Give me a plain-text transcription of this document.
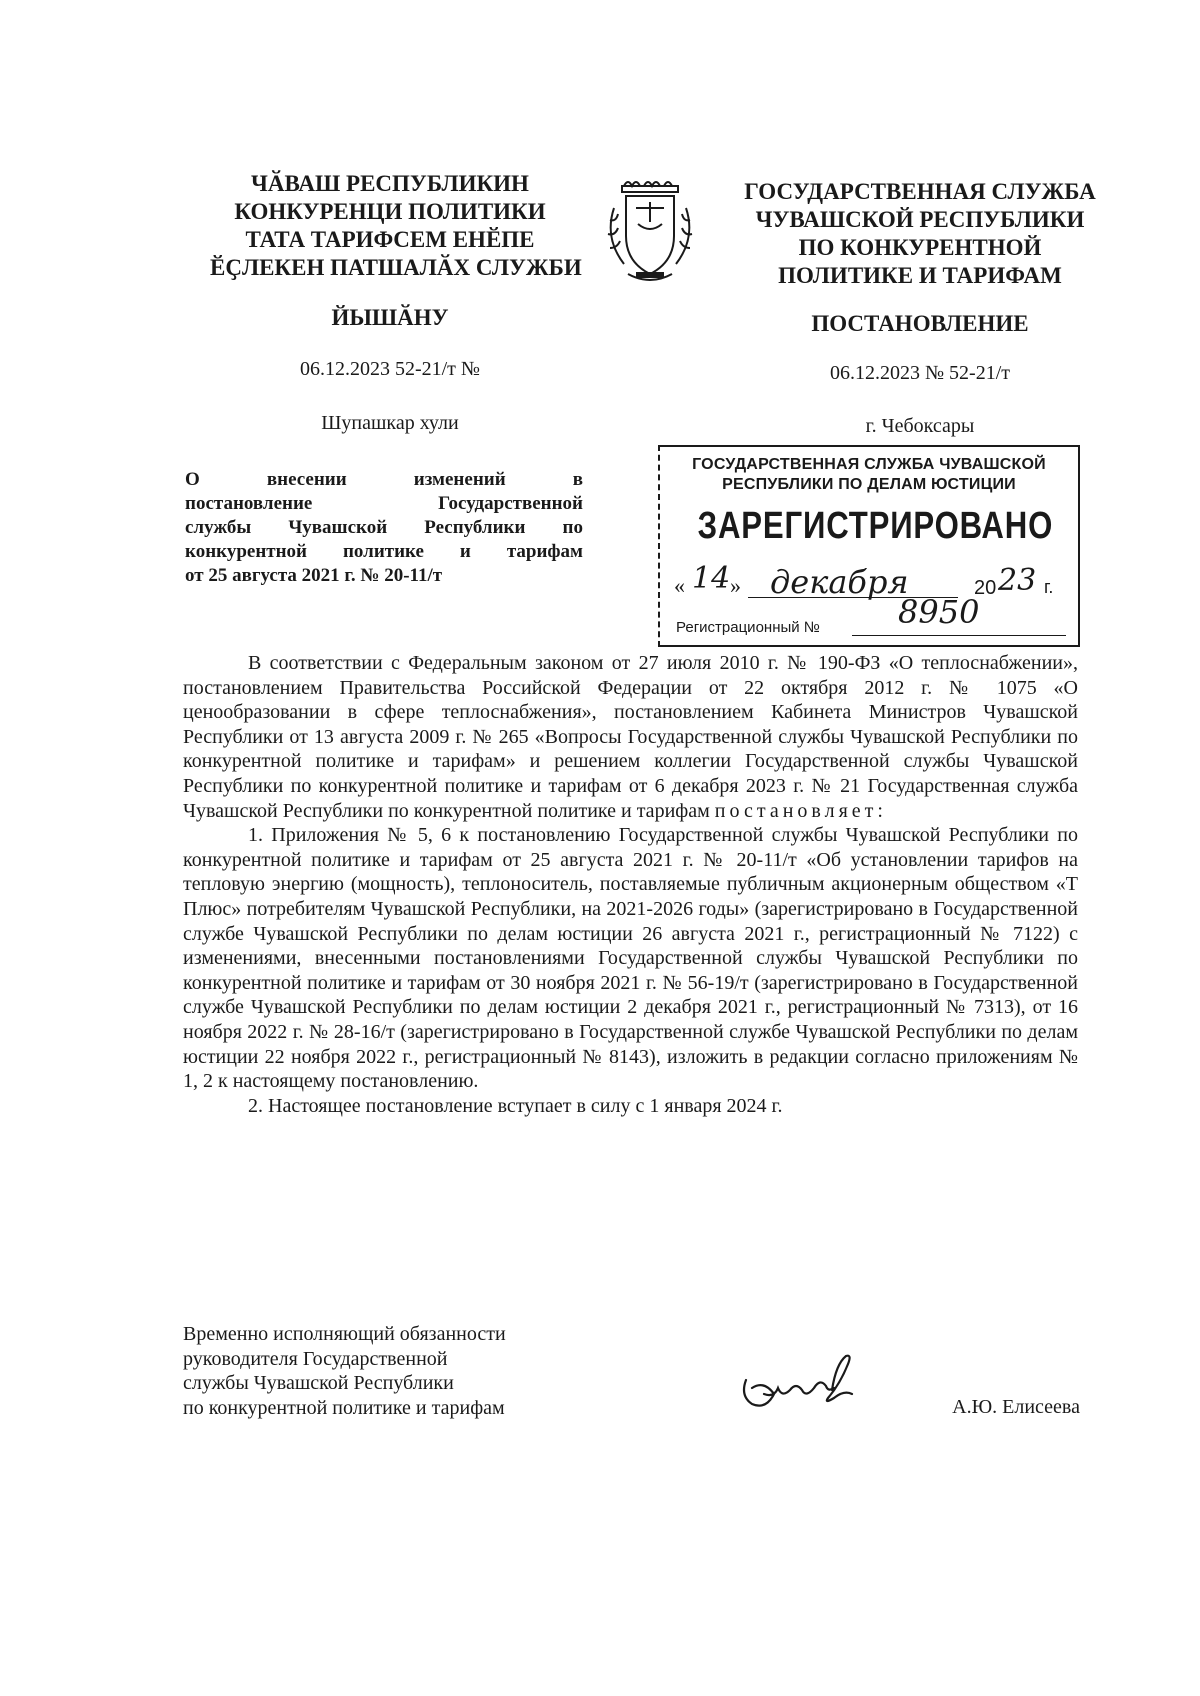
ЧӐВАШ РЕСПУБЛИКИН
КОНКУРЕНЦИ ПОЛИТИКИ
ТАТА ТАРИФСЕМ ЕНӖПЕ
ӖҪЛЕКЕН ПАТШАЛӐХ СЛУЖБИ
ЙЫШӐНУ
06.12.2023 52-21/т №
Шупашкар хули
ГОСУДАРСТВЕННАЯ СЛУЖБА
ЧУВАШСКОЙ РЕСПУБЛИКИ
ПО КОНКУРЕНТНОЙ
ПОЛИТИКЕ И ТАРИФАМ
ПОСТАНОВЛЕНИЕ
06.12.2023 № 52-21/т
г. Чебоксары
О внесении изменений в
постановление Государственной
службы Чувашской Республики по
конкурентной политике и тарифам
от 25 августа 2021 г. № 20-11/т
ГОСУДАРСТВЕННАЯ СЛУЖБА ЧУВАШСКОЙ
РЕСПУБЛИКИ ПО ДЕЛАМ ЮСТИЦИИ
ЗАРЕГИСТРИРОВАНО
« 14 » декабря	20 23 г.
Регистрационный № 8950

В соответствии с Федеральным законом от 27 июля 2010 г. № 190-ФЗ «О теплоснабжении», постановлением Правительства Российской Федерации от 22 октября 2012 г. № 1075 «О ценообразовании в сфере теплоснабжения», постановлением Кабинета Министров Чувашской Республики от 13 августа 2009 г. № 265 «Вопросы Государственной службы Чувашской Республики по конкурентной политике и тарифам» и решением коллегии Государственной службы Чувашской Республики по конкурентной политике и тарифам от 6 декабря 2023 г. № 21 Государственная служба Чувашской Республики по конкурентной политике и тарифам постановляет:

1. Приложения № 5, 6 к постановлению Государственной службы Чувашской Республики по конкурентной политике и тарифам от 25 августа 2021 г. № 20-11/т «Об установлении тарифов на тепловую энергию (мощность), теплоноситель, поставляемые публичным акционерным обществом «Т Плюс» потребителям Чувашской Республики, на 2021-2026 годы» (зарегистрировано в Государственной службе Чувашской Республики по делам юстиции 26 августа 2021 г., регистрационный № 7122) с изменениями, внесенными постановлениями Государственной службы Чувашской Республики по конкурентной политике и тарифам от 30 ноября 2021 г. № 56-19/т (зарегистрировано в Государственной службе Чувашской Республики по делам юстиции 2 декабря 2021 г., регистрационный № 7313), от 16 ноября 2022 г. № 28-16/т (зарегистрировано в Государственной службе Чувашской Республики по делам юстиции 22 ноября 2022 г., регистрационный № 8143), изложить в редакции согласно приложениям № 1, 2 к настоящему постановлению.

2. Настоящее постановление вступает в силу с 1 января 2024 г.

Временно исполняющий обязанности
руководителя Государственной
службы Чувашской Республики
по конкурентной политике и тарифам	А.Ю. Елисеева
